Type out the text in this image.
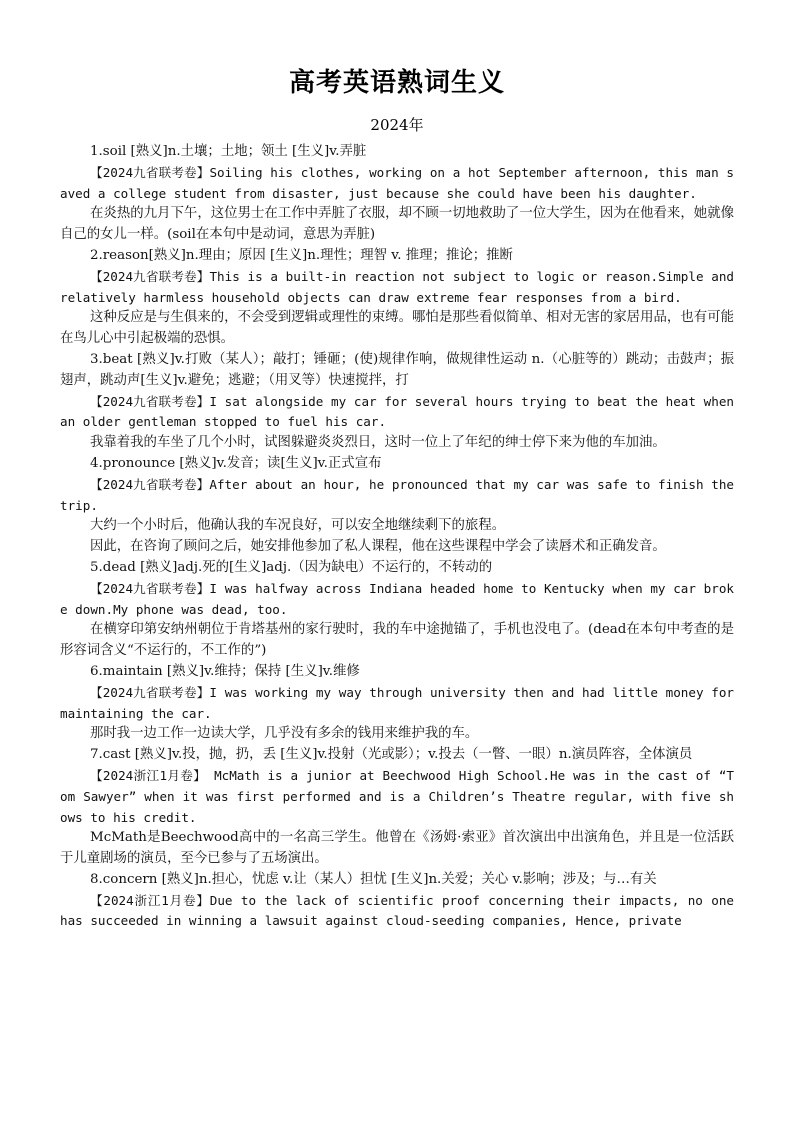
高考英语熟词生义
2024年

1.soil [熟义]n.土壤；土地；领土 [生义]v.弄脏

【2024九省联考卷】Soiling his clothes, working on a hot September afternoon, this man saved a college student from disaster, just because she could have been his daughter.

在炎热的九月下午，这位男士在工作中弄脏了衣服，却不顾一切地救助了一位大学生，因为在他看来，她就像自己的女儿一样。(soil在本句中是动词，意思为弄脏)

2.reason[熟义]n.理由；原因 [生义]n.理性；理智 v. 推理；推论；推断

【2024九省联考卷】This is a built-in reaction not subject to logic or reason.Simple and relatively harmless household objects can draw extreme fear responses from a bird.

这种反应是与生俱来的，不会受到逻辑或理性的束缚。哪怕是那些看似简单、相对无害的家居用品，也有可能在鸟儿心中引起极端的恐惧。

3.beat [熟义]v.打败（某人）；敲打；锤砸；(使)规律作响，做规律性运动 n.（心脏等的）跳动；击鼓声；振翅声，跳动声[生义]v.避免；逃避；（用叉等）快速搅拌，打

【2024九省联考卷】I sat alongside my car for several hours trying to beat the heat when an older gentleman stopped to fuel his car.

我靠着我的车坐了几个小时，试图躲避炎炎烈日，这时一位上了年纪的绅士停下来为他的车加油。

4.pronounce [熟义]v.发音；读[生义]v.正式宣布

【2024九省联考卷】After about an hour, he pronounced that my car was safe to finish the trip.

大约一个小时后，他确认我的车况良好，可以安全地继续剩下的旅程。

因此，在咨询了顾问之后，她安排他参加了私人课程，他在这些课程中学会了读唇术和正确发音。

5.dead [熟义]adj.死的[生义]adj.（因为缺电）不运行的，不转动的

【2024九省联考卷】I was halfway across Indiana headed home to Kentucky when my car broke down.My phone was dead, too.

在横穿印第安纳州朝位于肯塔基州的家行驶时，我的车中途抛锚了，手机也没电了。(dead在本句中考查的是形容词含义“不运行的，不工作的”)

6.maintain [熟义]v.维持；保持 [生义]v.维修

【2024九省联考卷】I was working my way through university then and had little money for maintaining the car.

那时我一边工作一边读大学，几乎没有多余的钱用来维护我的车。

7.cast [熟义]v.投，抛，扔，丢 [生义]v.投射（光或影）；v.投去（一瞥、一眼）n.演员阵容，全体演员

【2024浙江1月卷】 McMath is a junior at Beechwood High School.He was in the cast of “Tom Sawyer” when it was first performed and is a Children’s Theatre regular, with five shows to his credit.

McMath是Beechwood高中的一名高三学生。他曾在《汤姆·索亚》首次演出中出演角色，并且是一位活跃于儿童剧场的演员，至今已参与了五场演出。

8.concern [熟义]n.担心，忧虑 v.让（某人）担忧 [生义]n.关爱；关心 v.影响；涉及；与…有关

【2024浙江1月卷】Due to the lack of scientific proof concerning their impacts, no one has succeeded in winning a lawsuit against cloud-seeding companies, Hence, private
